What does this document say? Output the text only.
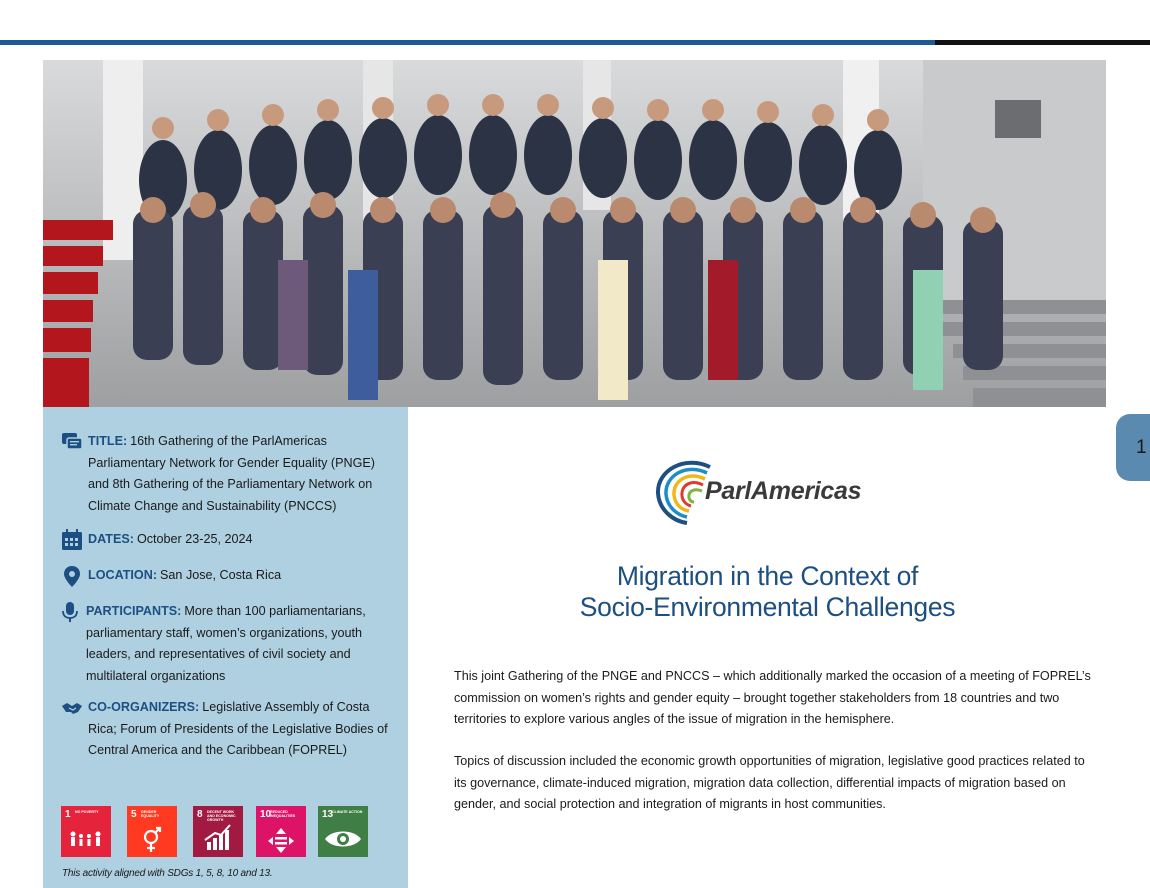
TITLE: 16th Gathering of the ParlAmericas Parliamentary Network for Gender Equality (PNGE) and 8th Gathering of the Parliamentary Network on Climate Change and Sustainability (PNCCS)
DATES: October 23-25, 2024
LOCATION: San Jose, Costa Rica
PARTICIPANTS: More than 100 parliamentarians, parliamentary staff, women’s organizations, youth leaders, and representatives of civil society and multilateral organizations
CO-ORGANIZERS: Legislative Assembly of Costa Rica; Forum of Presidents of the Legislative Bodies of Central America and the Caribbean (FOPREL)
1 NO POVERTY	5 GENDER EQUALITY	8 DECENT WORK AND ECONOMIC GROWTH	10
REDUCED INEQUALITIES	13
CLIMATE ACTION
This activity aligned with SDGs 1, 5, 8, 10 and 13.
ParlAmericas
Migration in the Context of
Socio-Environmental Challenges

This joint Gathering of the PNGE and PNCCS – which additionally marked the occasion of a meeting of FOPREL’s commission on women’s rights and gender equity – brought together stakeholders from 18 countries and two territories to explore various angles of the issue of migration in the hemisphere.

Topics of discussion included the economic growth opportunities of migration, legislative good practices related to its governance, climate-induced migration, migration data collection, differential impacts of migration based on gender, and social protection and integration of migrants in host communities.

1
